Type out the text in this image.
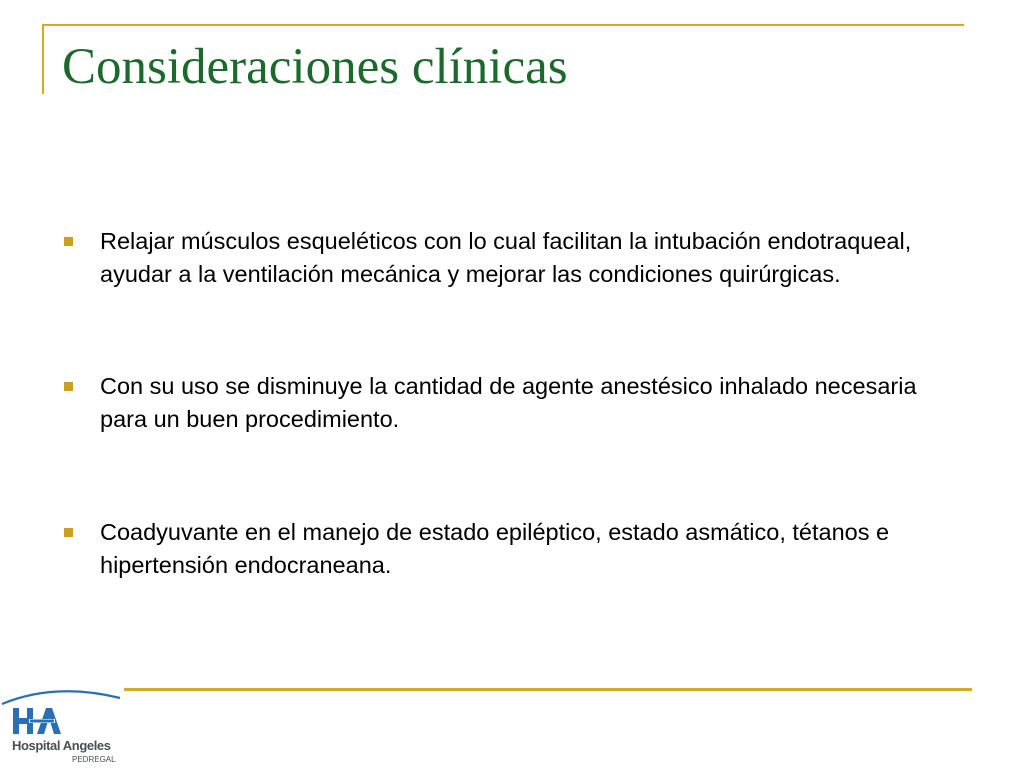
Consideraciones clínicas
Relajar músculos esqueléticos con lo cual facilitan la intubación endotraqueal, ayudar a la ventilación mecánica y mejorar las condiciones quirúrgicas.
Con su uso se disminuye la cantidad de agente anestésico inhalado necesaria para un buen procedimiento.
Coadyuvante en el manejo de estado epiléptico, estado asmático, tétanos e hipertensión endocraneana.
Hospital Angeles
PEDREGAL
